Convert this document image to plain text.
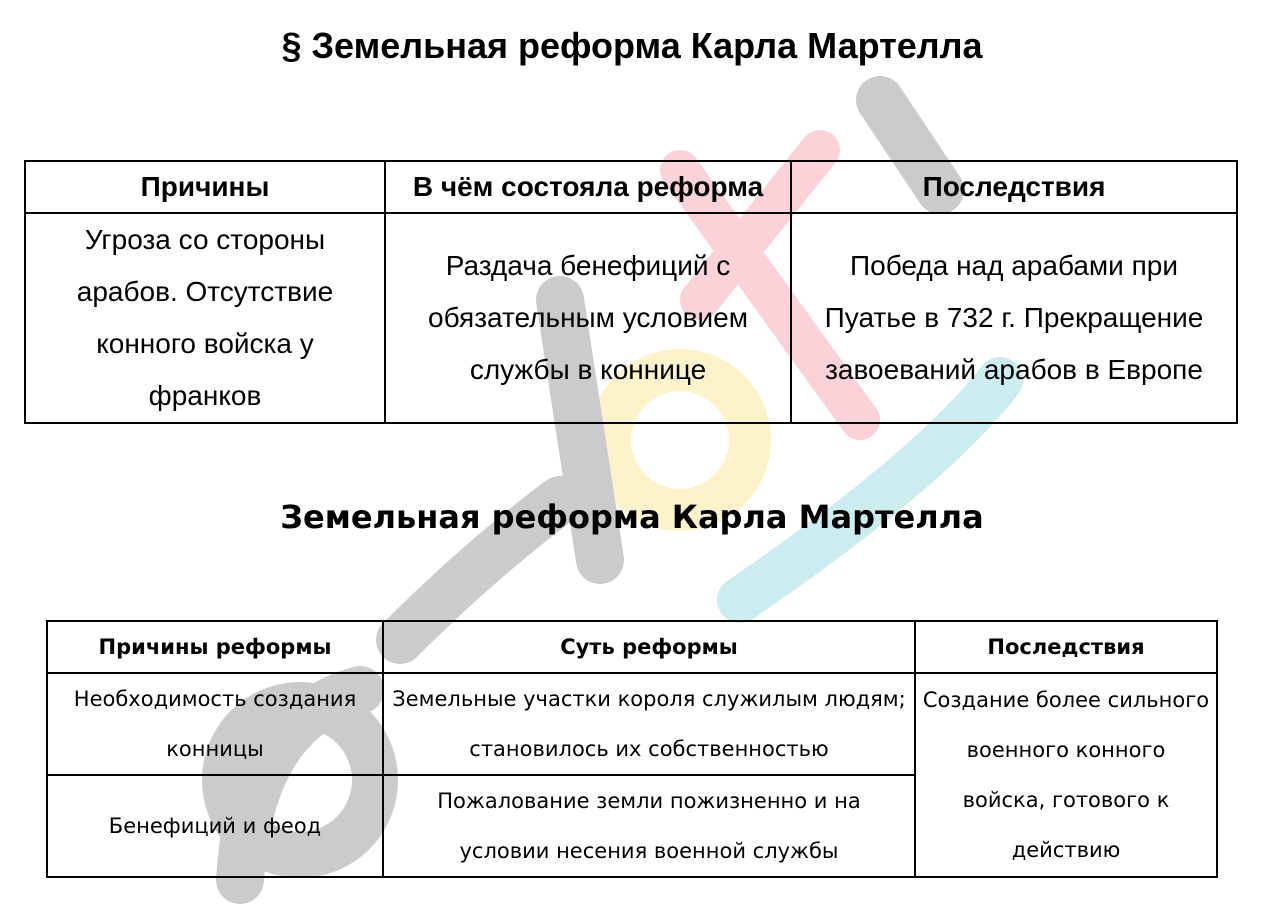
§ Земельная реформа Карла Мартелла
Причины	В чём состояла реформа	Последствия
Угроза со стороны арабов. Отсутствие конного войска у франков	Раздача бенефиций с обязательным условием службы в коннице	Победа над арабами при Пуатье в 732 г. Прекращение завоеваний арабов в Европе
Земельная реформа Карла Мартелла
Причины реформы	Суть реформы	Последствия
Необходимость создания конницы	Земельные участки короля служилым людям; становилось их собственностью	Создание более сильного военного конного войска, готового к действию
Бенефиций и феод	Пожалование земли пожизненно и на условии несения военной службы	
